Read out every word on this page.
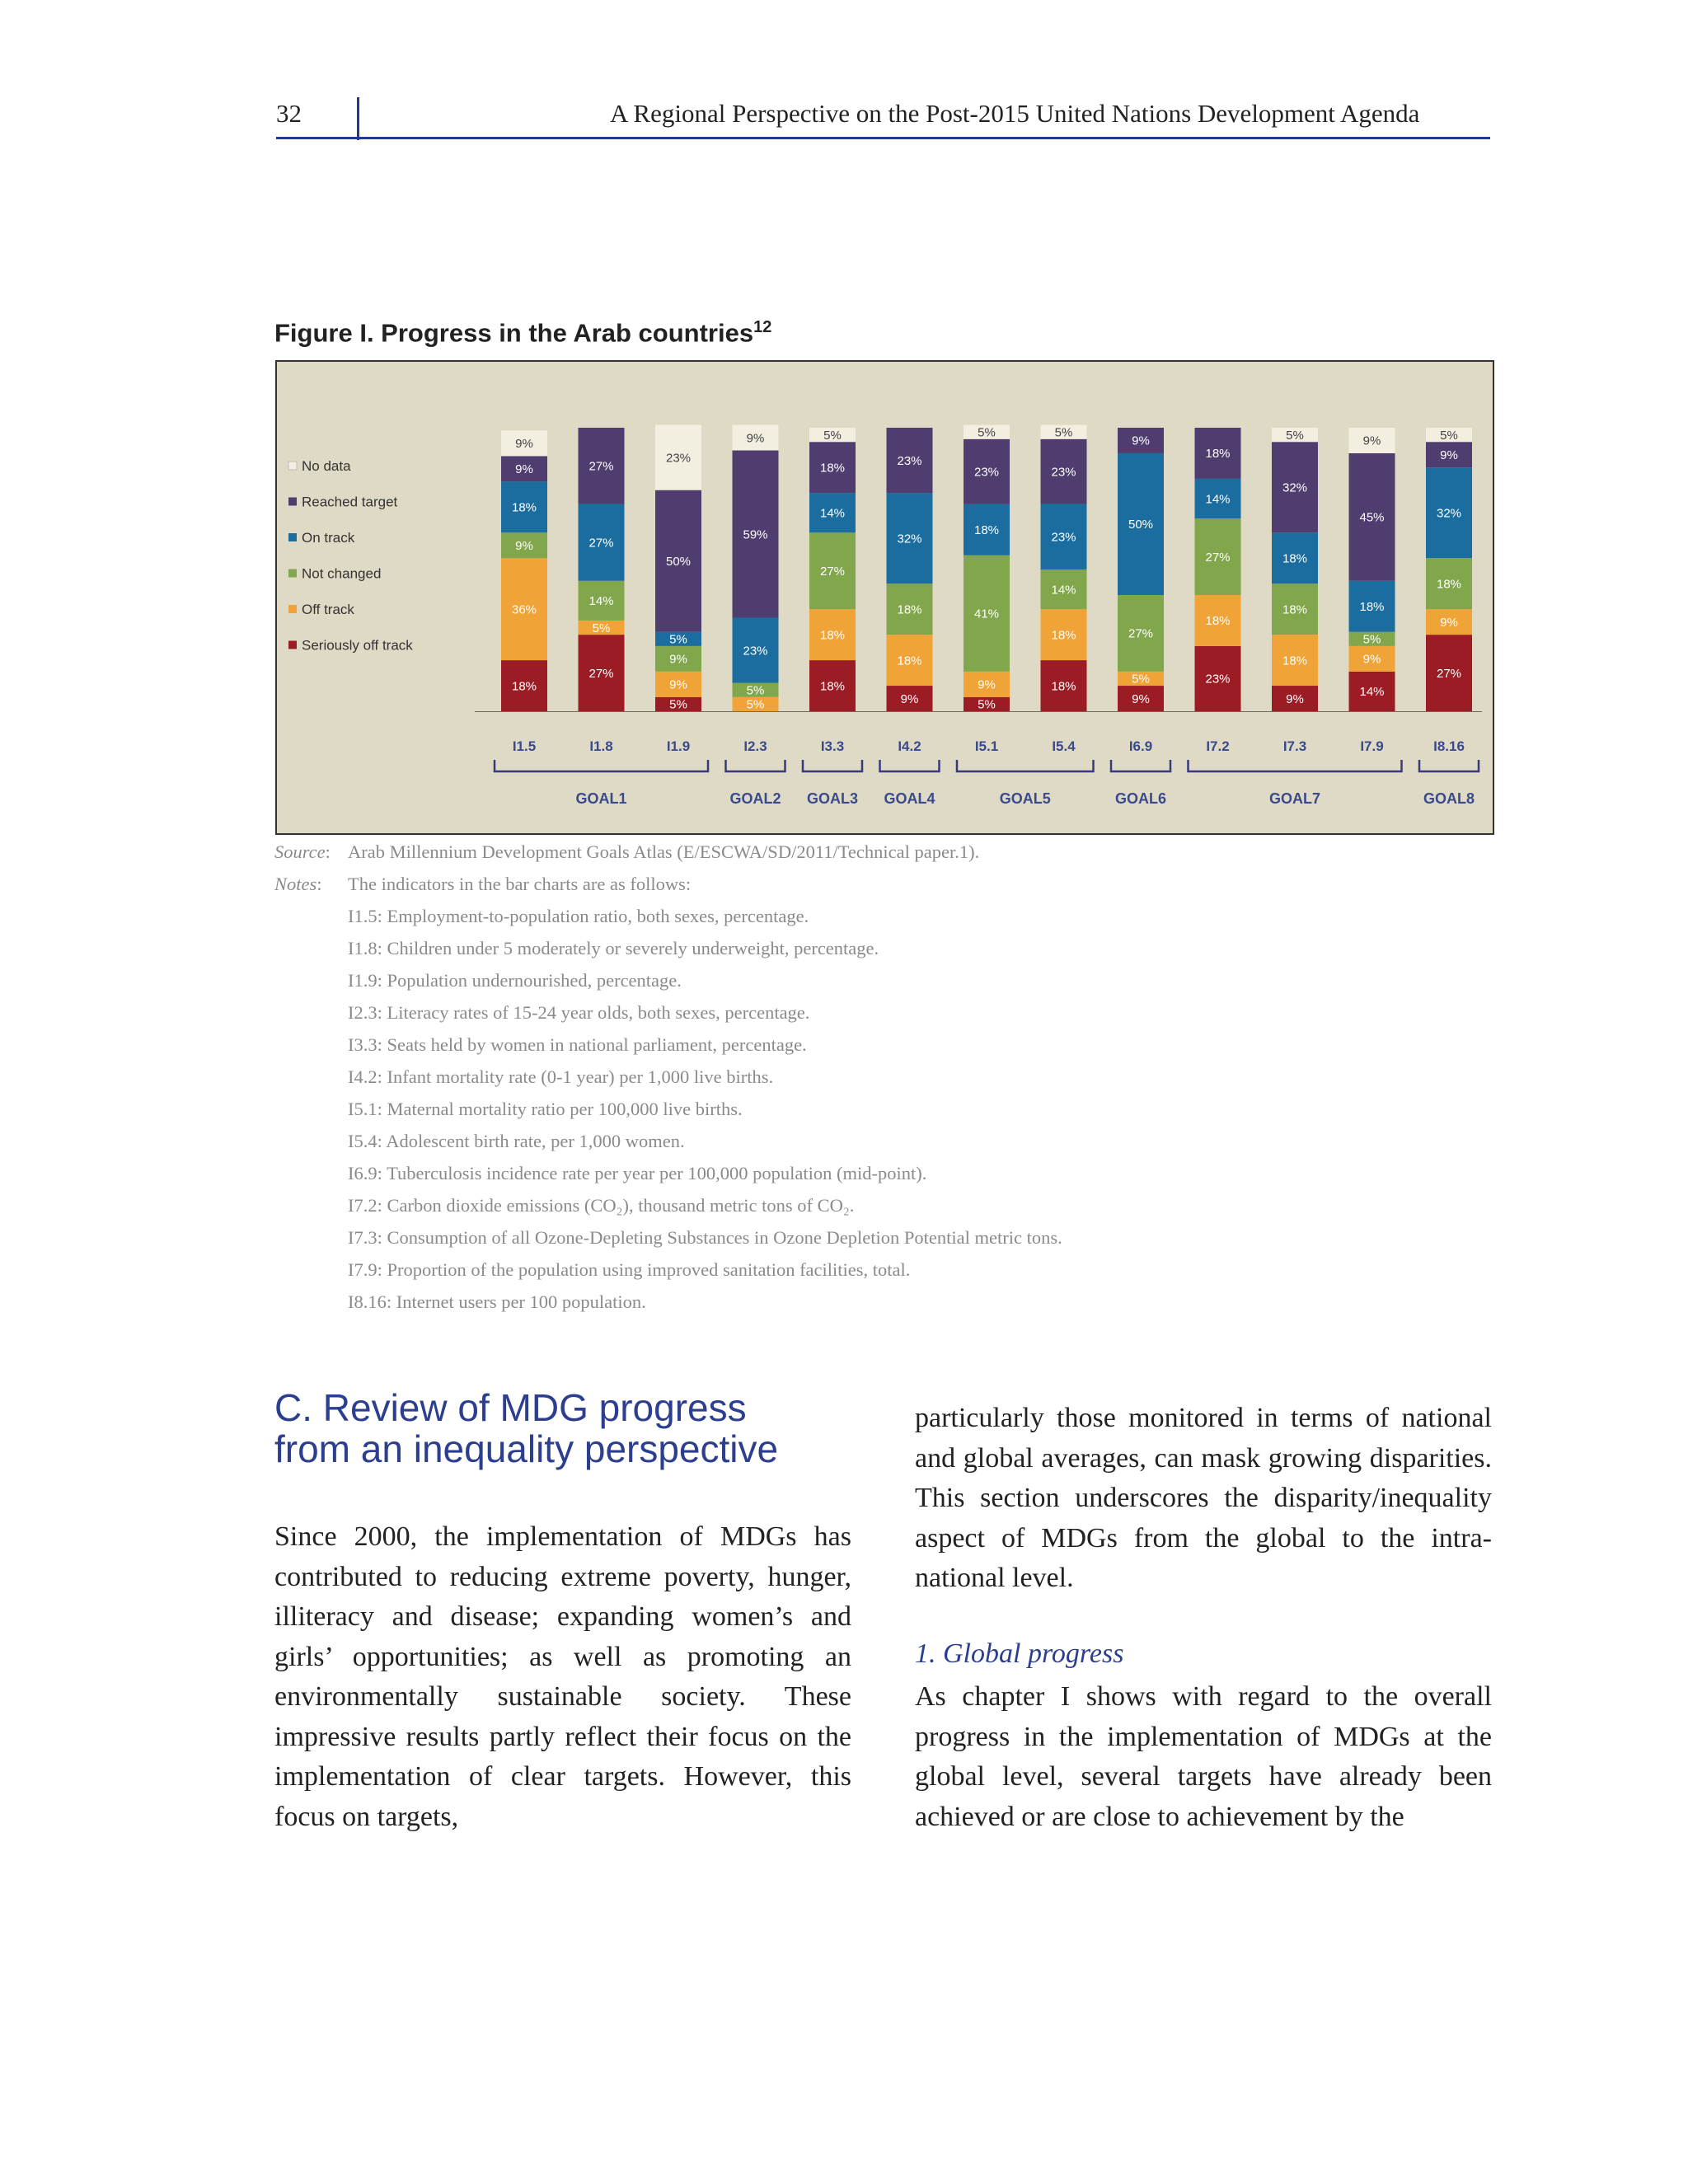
32	A Regional Perspective on the Post-2015 United Nations Development Agenda
Figure I. Progress in the Arab countries$^{12}$
No data
Reached target
On track
Not changed
Off track
Seriously off track
18%
36%
9%
18%
9%
9%
I1.5
27%
5%
14%
27%
27%
I1.8
5%
9%
9%
5%
50%
23%
I1.9
5%
5%
23%
59%
9%
I2.3
18%
18%
27%
14%
18%
5%
I3.3
9%
18%
18%
32%
23%
I4.2
5%
9%
41%
18%
23%
5%
I5.1
18%
18%
14%
23%
23%
5%
I5.4
9%
5%
27%
50%
9%
I6.9
23%
18%
27%
14%
18%
I7.2
9%
18%
18%
18%
32%
5%
I7.3
14%
9%
5%
18%
45%
9%
I7.9
27%
9%
18%
32%
9%
5%
I8.16
GOAL1	GOAL2 GOAL3 GOAL4	GOAL5	GOAL6	GOAL7	GOAL8
Source: Arab Millennium Development Goals Atlas (E/ESCWA/SD/2011/Technical paper.1).
Notes: The indicators in the bar charts are as follows:
I1.5: Employment-to-population ratio, both sexes, percentage.
I1.8: Children under 5 moderately or severely underweight, percentage.
I1.9: Population undernourished, percentage.
I2.3: Literacy rates of 15-24 year olds, both sexes, percentage.
I3.3: Seats held by women in national parliament, percentage.
I4.2: Infant mortality rate (0-1 year) per 1,000 live births.
I5.1: Maternal mortality ratio per 100,000 live births.
I5.4: Adolescent birth rate, per 1,000 women.
I6.9: Tuberculosis incidence rate per year per 100,000 population (mid-point).
I7.2: Carbon dioxide emissions (CO₂), thousand metric tons of CO₂.
I7.3: Consumption of all Ozone-Depleting Substances in Ozone Depletion Potential metric tons.
I7.9: Proportion of the population using improved sanitation facilities, total.
I8.16: Internet users per 100 population.
C. Review of MDG progress
from an inequality perspective

Since 2000, the implementation of MDGs has contributed to reducing extreme poverty, hunger, illiteracy and disease; expanding women’s and girls’ opportunities; as well as promoting an environmentally sustainable society. These impressive results partly reflect their focus on the implementation of clear targets. However, this focus on targets,

particularly those monitored in terms of national and global averages, can mask growing disparities. This section underscores the disparity/inequality aspect of MDGs from the global to the intra-national level.

1. Global progress

As chapter I shows with regard to the overall progress in the implementation of MDGs at the global level, several targets have already been achieved or are close to achievement by the
